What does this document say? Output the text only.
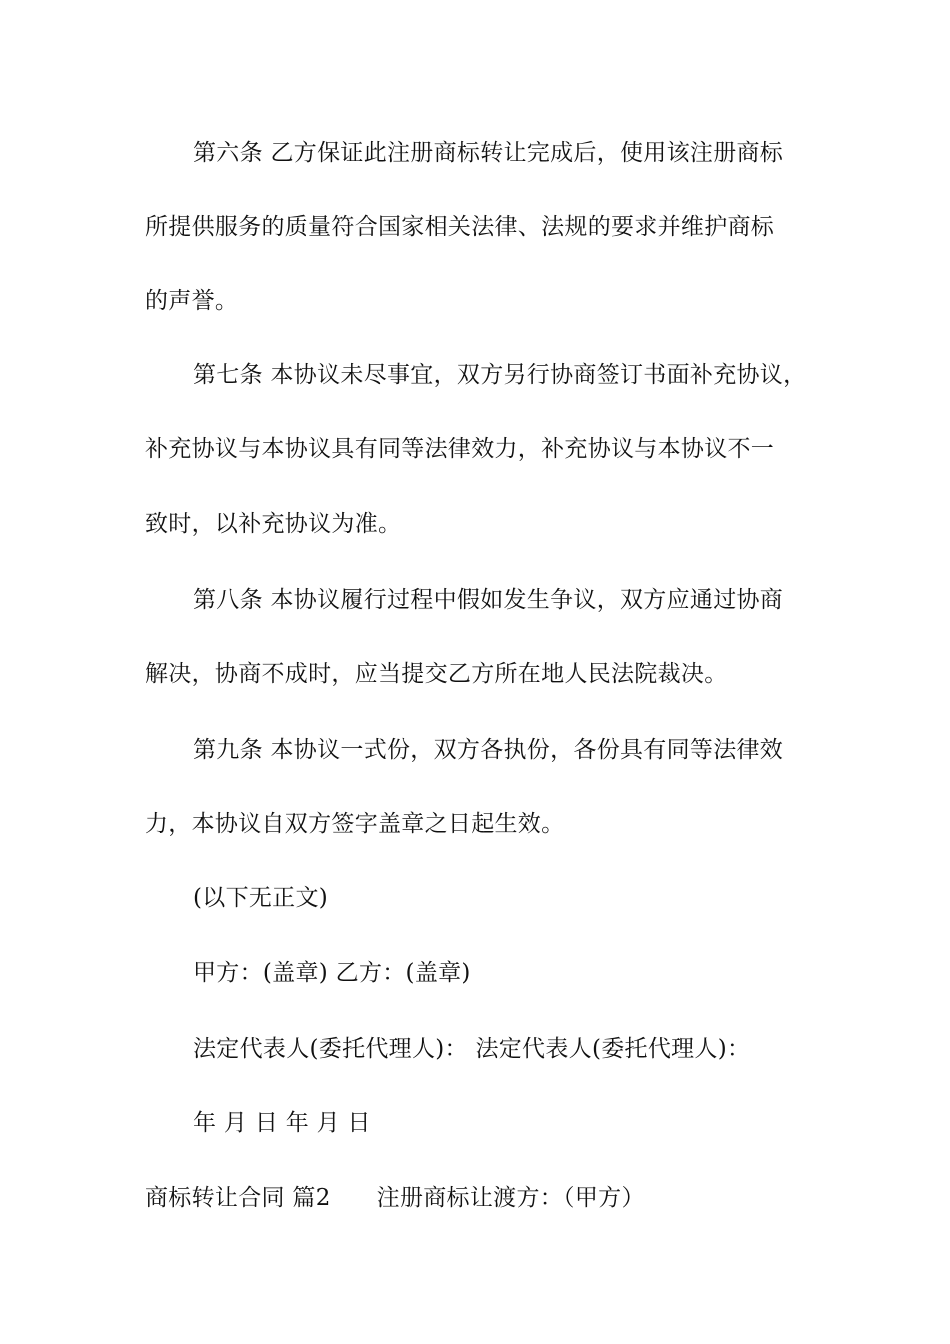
第六条 乙方保证此注册商标转让完成后，使用该注册商标
所提供服务的质量符合国家相关法律、法规的要求并维护商标
的声誉。
第七条 本协议未尽事宜，双方另行协商签订书面补充协议，
补充协议与本协议具有同等法律效力，补充协议与本协议不一
致时，以补充协议为准。
第八条 本协议履行过程中假如发生争议，双方应通过协商
解决，协商不成时，应当提交乙方所在地人民法院裁决。
第九条 本协议一式份，双方各执份，各份具有同等法律效
力，本协议自双方签字盖章之日起生效。
(以下无正文)
甲方：(盖章) 乙方：(盖章)
法定代表人(委托代理人)： 法定代表人(委托代理人)：
年 月 日 年 月 日
商标转让合同 篇2 注册商标让渡方：（甲方）
